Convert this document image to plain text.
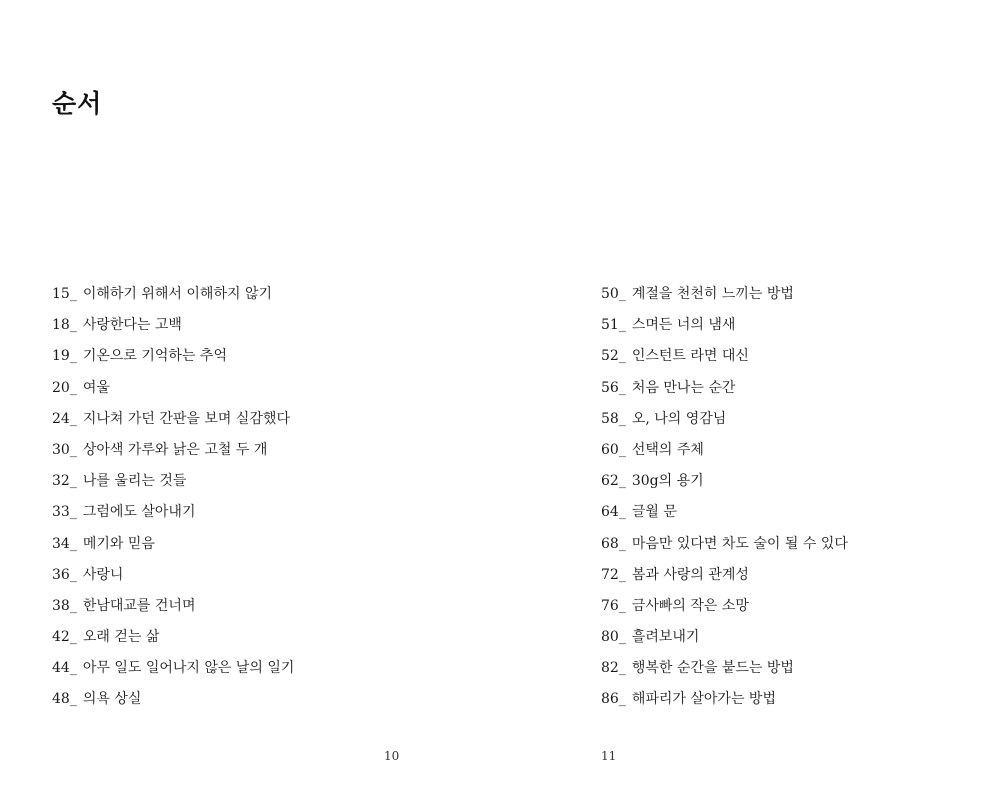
순서
15_ 이해하기 위해서 이해하지 않기
18_ 사랑한다는 고백
19_ 기온으로 기억하는 추억
20_ 여울
24_ 지나쳐 가던 간판을 보며 실감했다
30_ 상아색 가루와 낡은 고철 두 개
32_ 나를 울리는 것들
33_ 그럼에도 살아내기
34_ 메기와 믿음
36_ 사랑니
38_ 한남대교를 건너며
42_ 오래 걷는 삶
44_ 아무 일도 일어나지 않은 날의 일기
48_ 의욕 상실
10
50_ 계절을 천천히 느끼는 방법
51_ 스며든 너의 냄새
52_ 인스턴트 라면 대신
56_ 처음 만나는 순간
58_ 오, 나의 영감님
60_ 선택의 주체
62_ 30g의 용기
64_ 글월 문
68_ 마음만 있다면 차도 술이 될 수 있다
72_ 봄과 사랑의 관계성
76_ 금사빠의 작은 소망
80_ 흘려보내기
82_ 행복한 순간을 붙드는 방법
86_ 해파리가 살아가는 방법
11
